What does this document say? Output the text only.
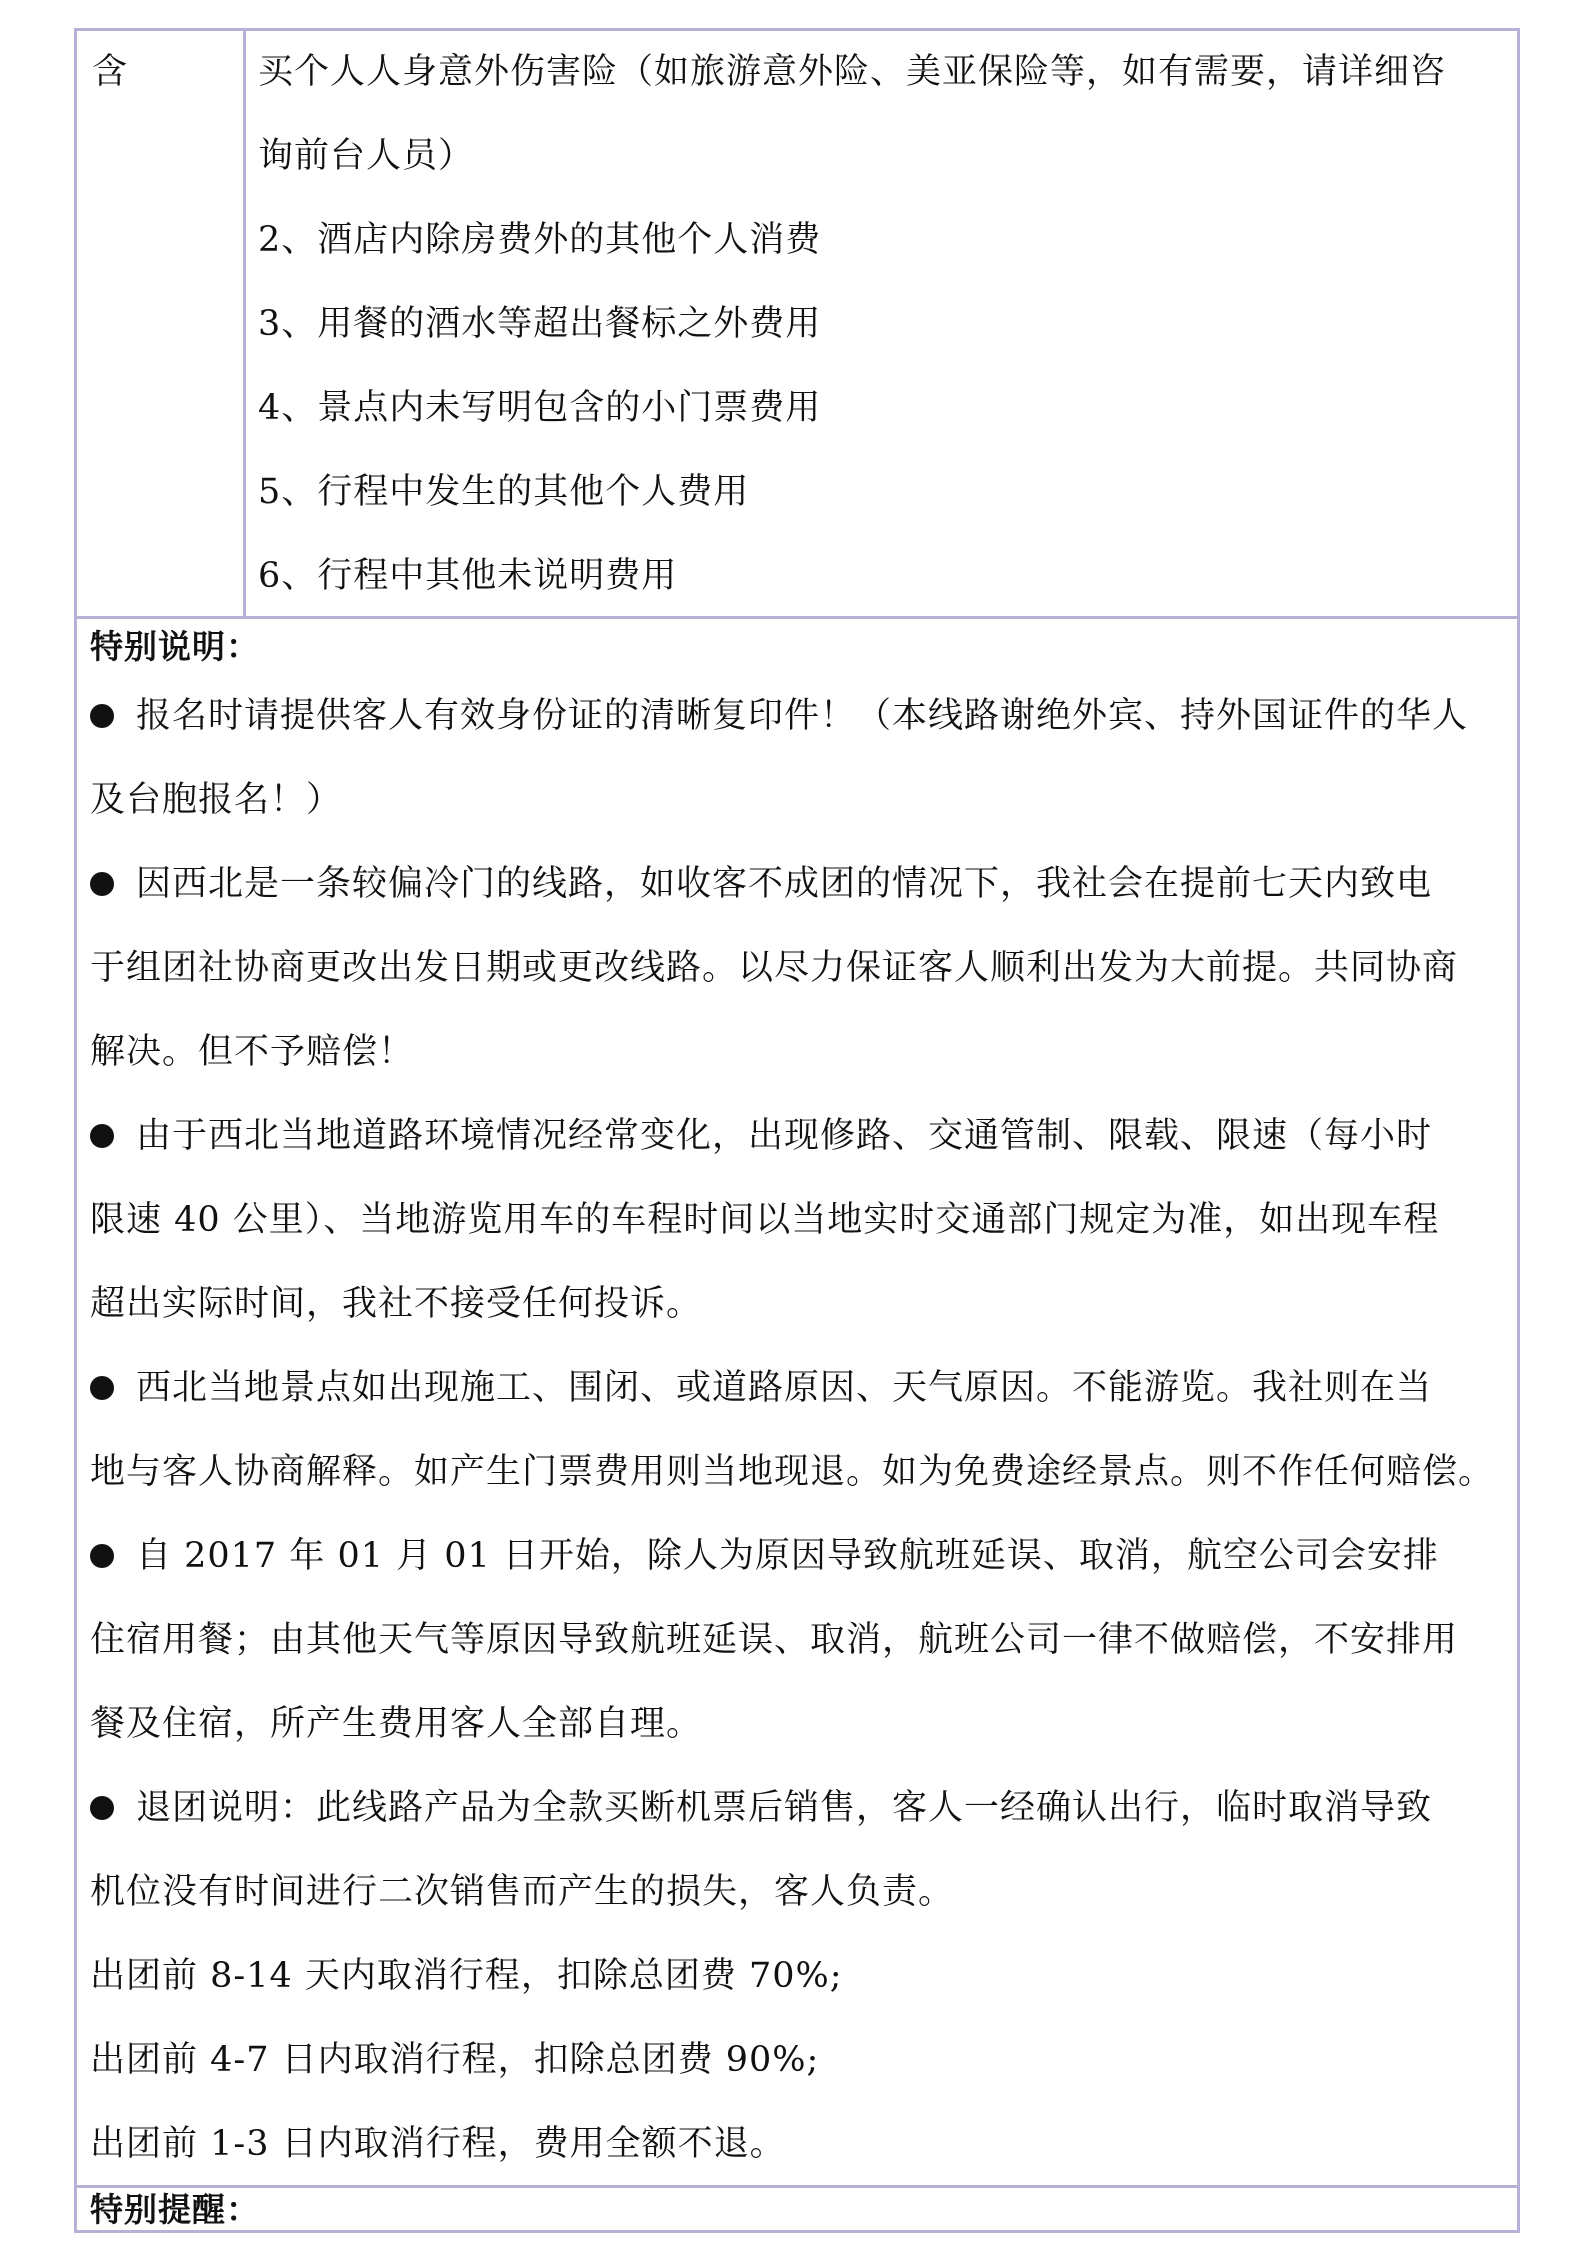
含	买个人人身意外伤害险（如旅游意外险、美亚保险等，如有需要，请详细咨
询前台人员）
2、酒店内除房费外的其他个人消费
3、用餐的酒水等超出餐标之外费用
4、景点内未写明包含的小门票费用
5、行程中发生的其他个人费用
6、行程中其他未说明费用
特别说明：
报名时请提供客人有效身份证的清晰复印件！（本线路谢绝外宾、持外国证件的华人
及台胞报名！）
因西北是一条较偏冷门的线路，如收客不成团的情况下，我社会在提前七天内致电
于组团社协商更改出发日期或更改线路。以尽力保证客人顺利出发为大前提。共同协商
解决。但不予赔偿！
由于西北当地道路环境情况经常变化，出现修路、交通管制、限载、限速（每小时
限速 40 公里）、当地游览用车的车程时间以当地实时交通部门规定为准，如出现车程
超出实际时间，我社不接受任何投诉。
西北当地景点如出现施工、围闭、或道路原因、天气原因。不能游览。我社则在当
地与客人协商解释。如产生门票费用则当地现退。如为免费途经景点。则不作任何赔偿。
自 2017 年 01 月 01 日开始，除人为原因导致航班延误、取消，航空公司会安排
住宿用餐；由其他天气等原因导致航班延误、取消，航班公司一律不做赔偿，不安排用
餐及住宿，所产生费用客人全部自理。
退团说明：此线路产品为全款买断机票后销售，客人一经确认出行，临时取消导致
机位没有时间进行二次销售而产生的损失，客人负责。
出团前 8-14 天内取消行程，扣除总团费 70%;
出团前 4-7 日内取消行程，扣除总团费 90%;
出团前 1-3 日内取消行程，费用全额不退。
特别提醒：
